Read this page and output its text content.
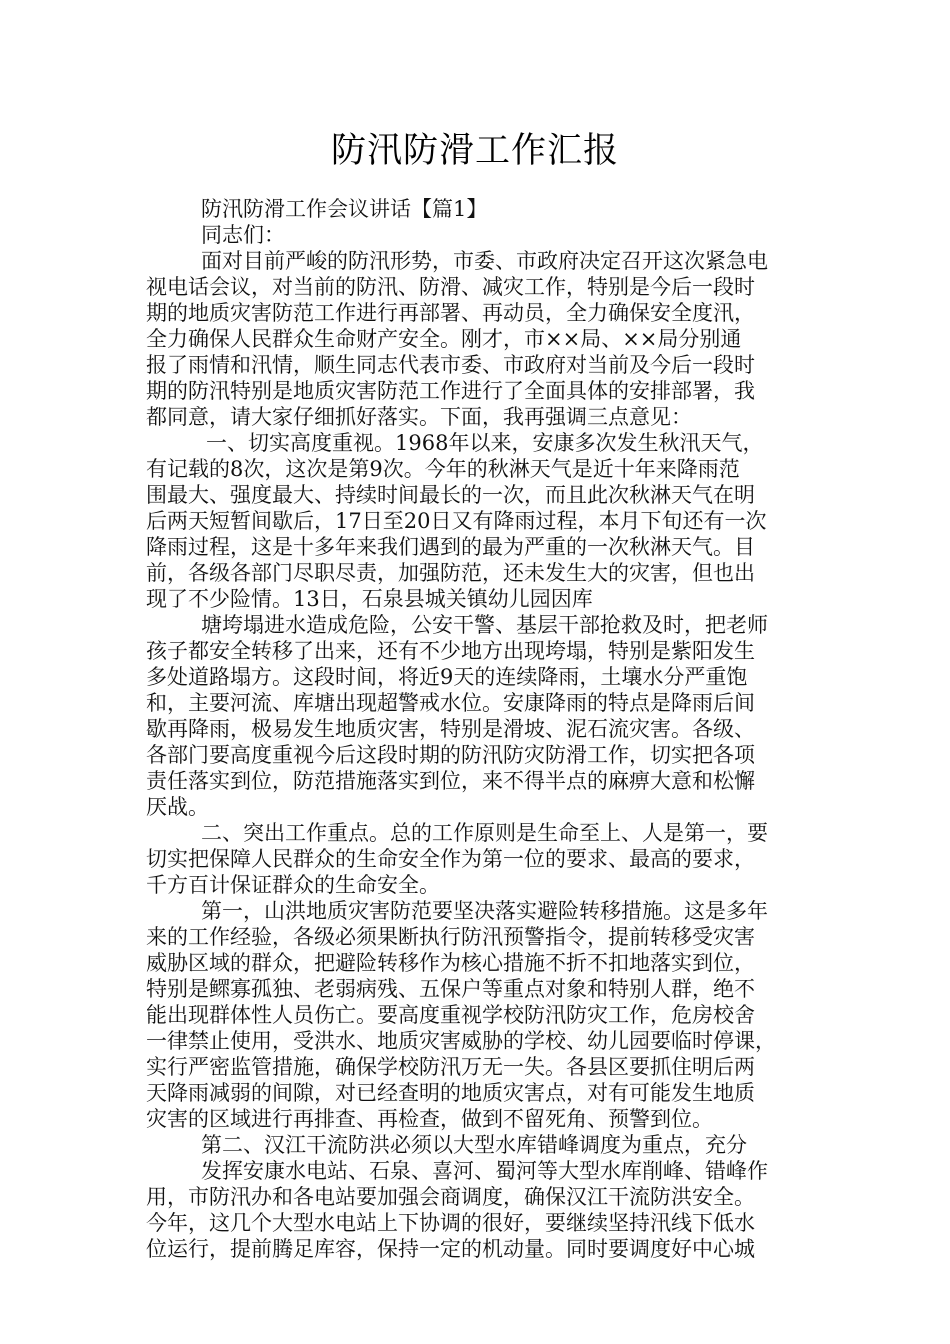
防汛防滑工作汇报
防汛防滑工作会议讲话【篇1】
同志们：
面对目前严峻的防汛形势，市委、市政府决定召开这次紧急电
视电话会议，对当前的防汛、防滑、减灾工作，特别是今后一段时
期的地质灾害防范工作进行再部署、再动员，全力确保安全度汛，
全力确保人民群众生命财产安全。刚才，市××局、××局分别通
报了雨情和汛情，顺生同志代表市委、市政府对当前及今后一段时
期的防汛特别是地质灾害防范工作进行了全面具体的安排部署，我
都同意，请大家仔细抓好落实。下面，我再强调三点意见：
一、切实高度重视。1968年以来，安康多次发生秋汛天气，
有记载的8次，这次是第9次。今年的秋淋天气是近十年来降雨范
围最大、强度最大、持续时间最长的一次，而且此次秋淋天气在明
后两天短暂间歇后，17日至20日又有降雨过程，本月下旬还有一次
降雨过程，这是十多年来我们遇到的最为严重的一次秋淋天气。目
前，各级各部门尽职尽责，加强防范，还未发生大的灾害，但也出
现了不少险情。13日，石泉县城关镇幼儿园因库
塘垮塌进水造成危险，公安干警、基层干部抢救及时，把老师
孩子都安全转移了出来，还有不少地方出现垮塌，特别是紫阳发生
多处道路塌方。这段时间，将近9天的连续降雨，土壤水分严重饱
和，主要河流、库塘出现超警戒水位。安康降雨的特点是降雨后间
歇再降雨，极易发生地质灾害，特别是滑坡、泥石流灾害。各级、
各部门要高度重视今后这段时期的防汛防灾防滑工作，切实把各项
责任落实到位，防范措施落实到位，来不得半点的麻痹大意和松懈
厌战。
二、突出工作重点。总的工作原则是生命至上、人是第一，要
切实把保障人民群众的生命安全作为第一位的要求、最高的要求，
千方百计保证群众的生命安全。
第一，山洪地质灾害防范要坚决落实避险转移措施。这是多年
来的工作经验，各级必须果断执行防汛预警指令，提前转移受灾害
威胁区域的群众，把避险转移作为核心措施不折不扣地落实到位，
特别是鳏寡孤独、老弱病残、五保户等重点对象和特别人群，绝不
能出现群体性人员伤亡。要高度重视学校防汛防灾工作，危房校舍
一律禁止使用，受洪水、地质灾害威胁的学校、幼儿园要临时停课，
实行严密监管措施，确保学校防汛万无一失。各县区要抓住明后两
天降雨减弱的间隙，对已经查明的地质灾害点，对有可能发生地质
灾害的区域进行再排查、再检查，做到不留死角、预警到位。
第二、汉江干流防洪必须以大型水库错峰调度为重点，充分
发挥安康水电站、石泉、喜河、蜀河等大型水库削峰、错峰作
用，市防汛办和各电站要加强会商调度，确保汉江干流防洪安全。
今年，这几个大型水电站上下协调的很好，要继续坚持汛线下低水
位运行，提前腾足库容，保持一定的机动量。同时要调度好中心城
